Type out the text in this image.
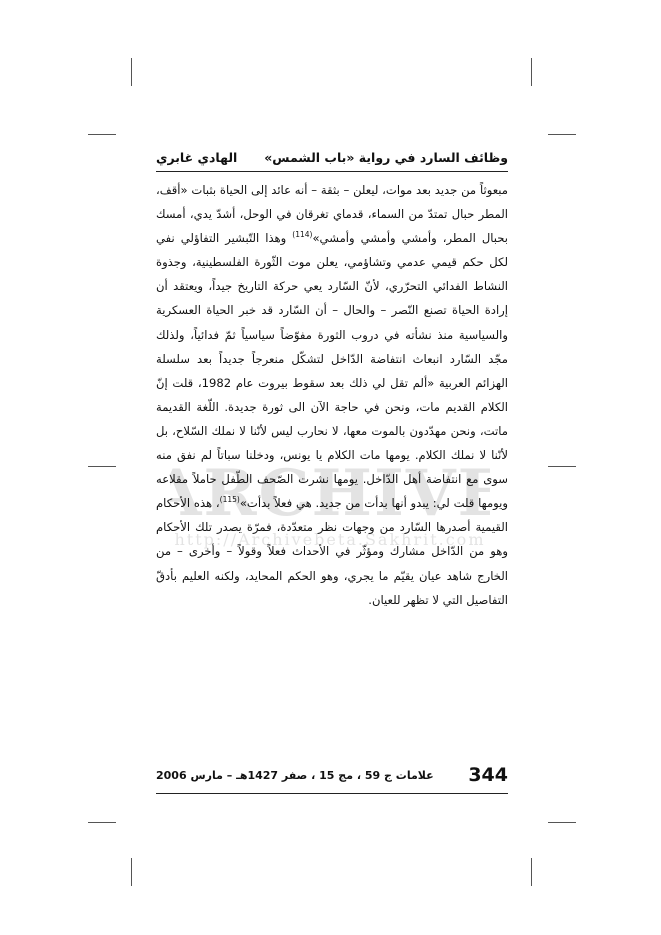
وظائف السارد في رواية «باب الشمس»
الهادي غابري
ARCHIVE
http://Archivebeta.Sakhrit.com

مبعوثاً من جديد بعد موات، ليعلن – بثقة – أنه عائد إلى الحياة بثبات «أقف، المطر حبال تمتدّ من السماء، قدماي تغرقان في الوحل، أشدّ يدي، أمسك بحبال المطر، وأمشي وأمشي وأمشي»$^{(114)}$ وهذا التّبشير التفاؤلي نفي لكل حكم قيمي عدمي وتشاؤمي، يعلن موت الثّورة الفلسطينية، وجذوة النشاط الفدائي التحرّري، لأنّ السّارد يعي حركة التاريخ جيداً، ويعتقد أن إرادة الحياة تصنع النّصر – والحال – أن السّارد قد خبر الحياة العسكرية والسياسية منذ نشأته في دروب الثورة مفوّضاً سياسياً ثمّ فدائياً، ولذلك مجّد السّارد انبعاث انتفاضة الدّاخل لتشكّل منعرجاً جديداً بعد سلسلة الهزائم العربية «ألم تقل لي ذلك بعد سقوط بيروت عام 1982، قلت إنّ الكلام القديم مات، ونحن في حاجة الآن الى ثورة جديدة. اللّغة القديمة ماتت، ونحن مهدّدون بالموت معها، لا نحارب ليس لأنّنا لا نملك السّلاح، بل لأنّنا لا نملك الكلام. يومها مات الكلام يا يونس، ودخلنا سباتاً لم نفق منه سوى مع انتفاضة أهل الدّاخل. يومها نشرت الصّحف الطّفل حاملاً مقلاعه ويومها قلت لي: يبدو أنها بدأت من جديد. هي فعلاً بدأت»$^{(115)}$، هذه الأحكام القيمية أصدرها السّارد من وجهات نظر متعدّدة، فمرّة يصدر تلك الأحكام وهو من الدّاخل مشارك ومؤثّر في الأحداث فعلاً وقولاً – وأخرى – من الخارج شاهد عيان يقيّم ما يجري، وهو الحكم المحايد، ولكنه العليم بأدقّ التفاصيل التي لا تظهر للعيان.

344
علامات ج 59 ، مج 15 ، صفر 1427هـ – مارس 2006
